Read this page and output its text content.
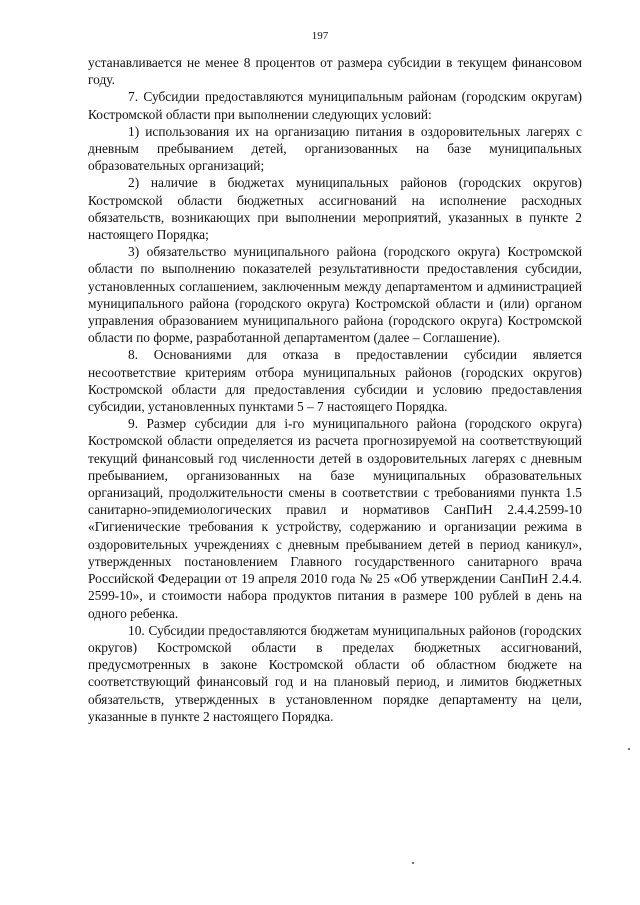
197

устанавливается не менее 8 процентов от размера субсидии в текущем финансовом году.

7. Субсидии предоставляются муниципальным районам (городским округам) Костромской области при выполнении следующих условий:

1) использования их на организацию питания в оздоровительных лагерях с дневным пребыванием детей, организованных на базе муниципальных образовательных организаций;

2) наличие в бюджетах муниципальных районов (городских округов) Костромской области бюджетных ассигнований на исполнение расходных обязательств, возникающих при выполнении мероприятий, указанных в пункте 2 настоящего Порядка;

3) обязательство муниципального района (городского округа) Костромской области по выполнению показателей результативности предоставления субсидии, установленных соглашением, заключенным между департаментом и администрацией муниципального района (городского округа) Костромской области и (или) органом управления образованием муниципального района (городского округа) Костромской области по форме, разработанной департаментом (далее – Соглашение).

8. Основаниями для отказа в предоставлении субсидии является несоответствие критериям отбора муниципальных районов (городских округов) Костромской области для предоставления субсидии и условию предоставления субсидии, установленных пунктами 5 – 7 настоящего Порядка.

9. Размер субсидии для i-го муниципального района (городского округа) Костромской области определяется из расчета прогнозируемой на соответствующий текущий финансовый год численности детей в оздоровительных лагерях с дневным пребыванием, организованных на базе муниципальных образовательных организаций, продолжительности смены в соответствии с требованиями пункта 1.5 санитарно-эпидемиологических правил и нормативов СанПиН 2.4.4.2599-10 «Гигиенические требования к устройству, содержанию и организации режима в оздоровительных учреждениях с дневным пребыванием детей в период каникул», утвержденных постановлением Главного государственного санитарного врача Российской Федерации от 19 апреля 2010 года № 25 «Об утверждении СанПиН 2.4.4. 2599-10», и стоимости набора продуктов питания в размере 100 рублей в день на одного ребенка.

10. Субсидии предоставляются бюджетам муниципальных районов (городских округов) Костромской области в пределах бюджетных ассигнований, предусмотренных в законе Костромской области об областном бюджете на соответствующий финансовый год и на плановый период, и лимитов бюджетных обязательств, утвержденных в установленном порядке департаменту на цели, указанные в пункте 2 настоящего Порядка.
